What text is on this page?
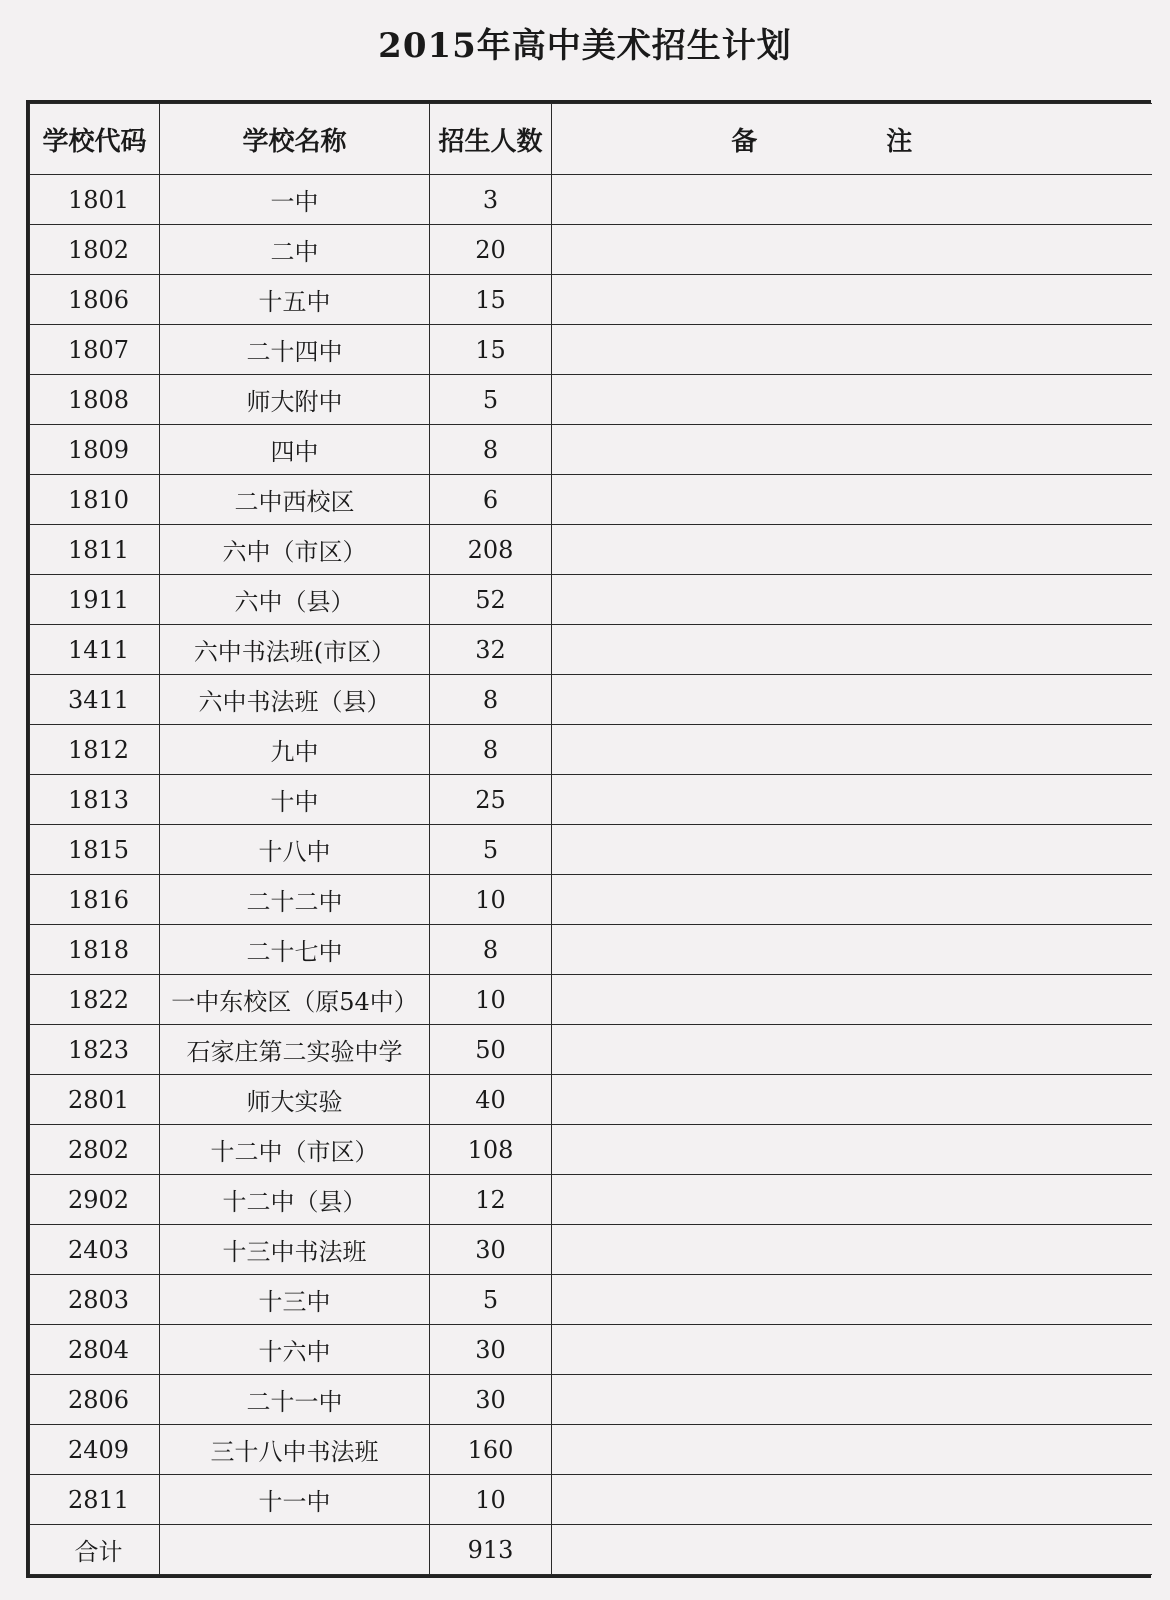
2015年高中美术招生计划
学校代码	学校名称	招生人数	备 注
1801	一中	3	
1802	二中	20	
1806	十五中	15	
1807	二十四中	15	
1808	师大附中	5	
1809	四中	8	
1810	二中西校区	6	
1811	六中（市区）	208	
1911	六中（县）	52	
1411	六中书法班(市区）	32	
3411	六中书法班（县）	8	
1812	九中	8	
1813	十中	25	
1815	十八中	5	
1816	二十二中	10	
1818	二十七中	8	
1822	一中东校区（原54中）	10	
1823	石家庄第二实验中学	50	
2801	师大实验	40	
2802	十二中（市区）	108	
2902	十二中（县）	12	
2403	十三中书法班	30	
2803	十三中	5	
2804	十六中	30	
2806	二十一中	30	
2409	三十八中书法班	160	
2811	十一中	10	
合计		913	
